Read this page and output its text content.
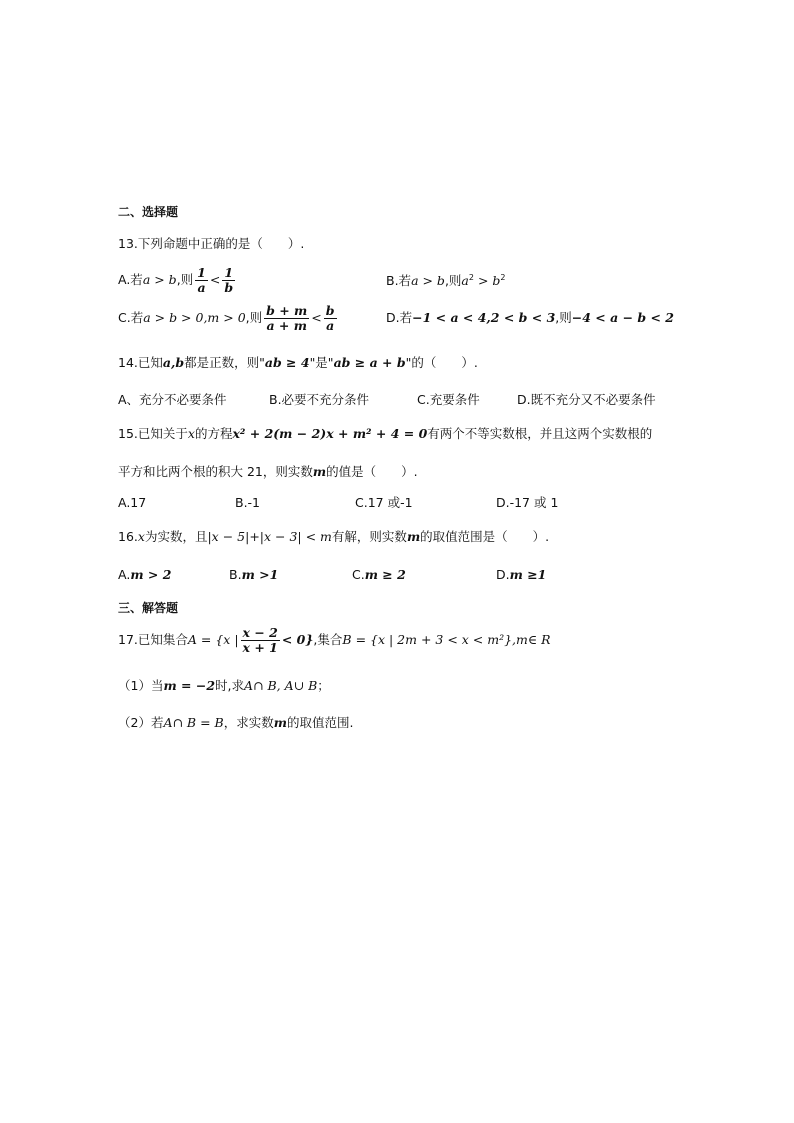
二、选择题
13.下列命题中正确的是（　　）.
A.若a > b,则 $\frac{1}{a} < \frac{1}{b}$	B.若a > b,则$a^2 > b^2$
C.若a > b > 0,m > 0,则 $\frac{b + m}{a + m} < \frac{b}{a}$	D.若−1 < a < 4,2 < b < 3,则−4 < a − b < 2
14.已知a,b都是正数，则"ab ≥ 4"是"ab ≥ a + b"的（　　）.
A、充分不必要条件	B.必要不充分条件	C.充要条件	D.既不充分又不必要条件
15.已知关于x的方程x² + 2(m − 2)x + m² + 4 = 0有两个不等实数根，并且这两个实数根的
平方和比两个根的积大 21，则实数m的值是（　　）.
A.17	B.-1	C.17 或-1	D.-17 或 1
16.x为实数，且|x − 5|+|x − 3| < m有解，则实数m的取值范围是（　　）.
A.m > 2	B.m >1	C.m ≥ 2	D.m ≥1
三、解答题
17.已知集合A = {x | $\frac{x - 2}{x + 1} < 0$},集合B = {x | 2m + 3 < x < m²},m∈ R
（1）当m = −2时,求A∩ B, A∪ B；
（2）若A∩ B = B，求实数m的取值范围.
